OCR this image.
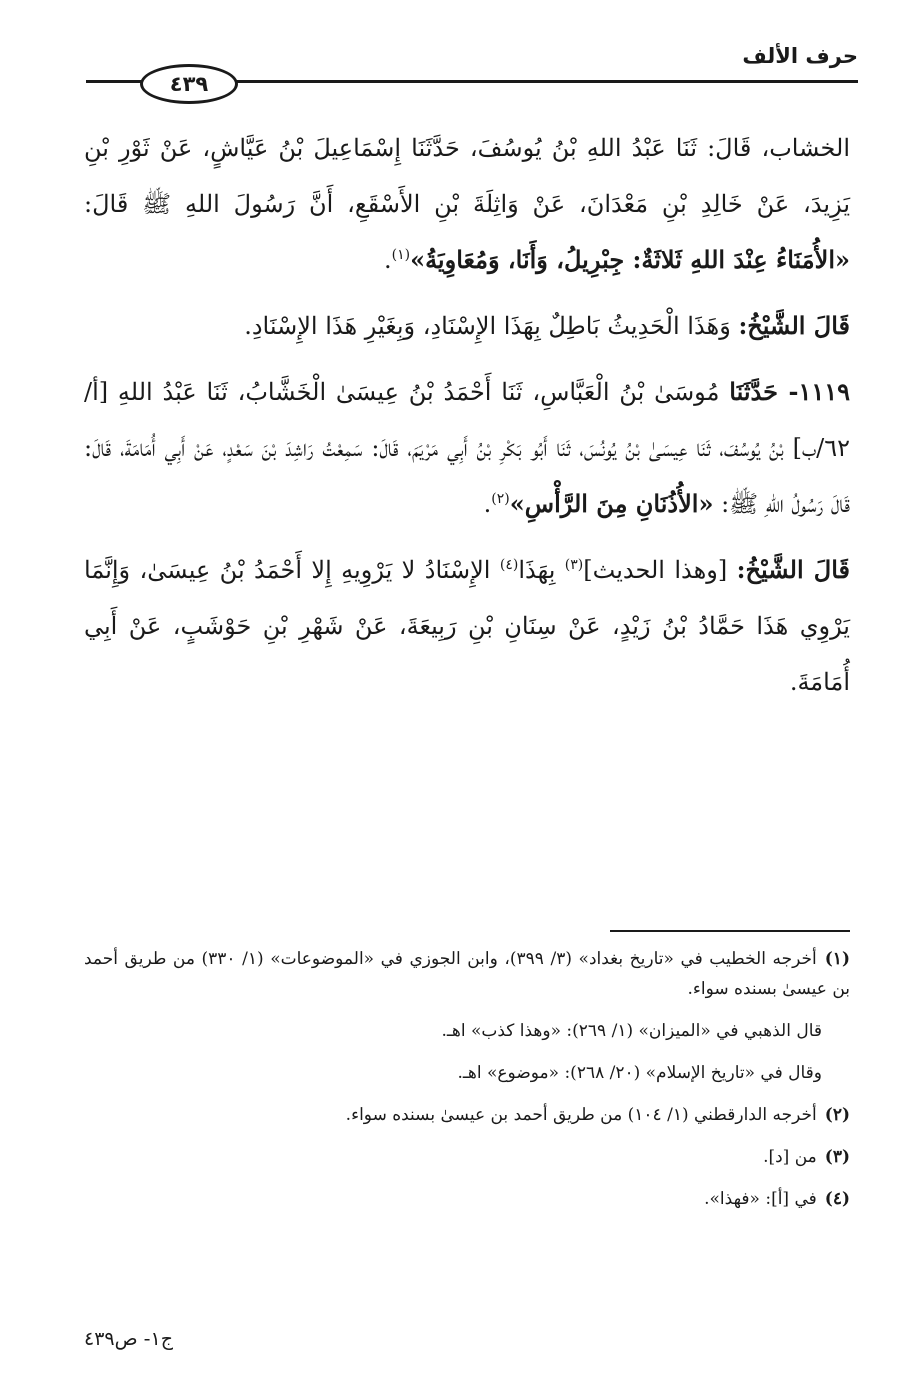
حرف الألف
٤٣٩

الخشاب، قَالَ: ثَنَا عَبْدُ اللهِ بْنُ يُوسُفَ، حَدَّثَنَا إِسْمَاعِيلَ بْنُ عَيَّاشٍ، عَنْ ثَوْرِ بْنِ يَزِيدَ، عَنْ خَالِدِ بْنِ مَعْدَانَ، عَنْ وَاثِلَةَ بْنِ الأَسْقَعِ، أَنَّ رَسُولَ اللهِ ﷺ قَالَ: «الأُمَنَاءُ عِنْدَ اللهِ ثَلاثَةٌ: جِبْرِيلُ، وَأَنَا، وَمُعَاوِيَةُ»$^{(١)}$.

قَالَ الشَّيْخُ: وَهَذَا الْحَدِيثُ بَاطِلٌ بِهَذَا الإِسْنَادِ، وَبِغَيْرِ هَذَا الإِسْنَادِ.

١١١٩- حَدَّثَنَا مُوسَىٰ بْنُ الْعَبَّاسِ، ثَنَا أَحْمَدُ بْنُ عِيسَىٰ الْخَشَّابُ، ثَنَا عَبْدُ اللهِ [أ/٦٢/ب] بْنُ يُوسُفَ، ثَنَا عِيسَىٰ بْنُ يُونُسَ، ثَنَا أَبُو بَكْرِ بْنُ أَبِي مَرْيَمَ، قَالَ: سَمِعْتُ رَاشِدَ بْنَ سَعْدٍ، عَنْ أَبِي أُمَامَةَ، قَالَ: قَالَ رَسُولُ اللهِ ﷺ: «الأُذُنَانِ مِنَ الرَّأْسِ»$^{(٢)}$.

قَالَ الشَّيْخُ: [وهذا الحديث]$^{(٣)}$ بِهَذَا$^{(٤)}$ الإِسْنَادُ لا يَرْوِيهِ إِلا أَحْمَدُ بْنُ عِيسَىٰ، وَإِنَّمَا يَرْوِي هَذَا حَمَّادُ بْنُ زَيْدٍ، عَنْ سِنَانِ بْنِ رَبِيعَةَ، عَنْ شَهْرِ بْنِ حَوْشَبٍ، عَنْ أَبِي أُمَامَةَ.

(١)أخرجه الخطيب في «تاريخ بغداد» (٣/ ٣٩٩)، وابن الجوزي في «الموضوعات» (١/ ٣٣٠) من طريق أحمد بن عيسىٰ بسنده سواء.

قال الذهبي في «الميزان» (١/ ٢٦٩): «وهذا كذب» اهـ.

وقال في «تاريخ الإسلام» (٢٠/ ٢٦٨): «موضوع» اهـ.

(٢)أخرجه الدارقطني (١/ ١٠٤) من طريق أحمد بن عيسىٰ بسنده سواء.

(٣)من [د].

(٤)في [أ]: «فهذا».

ج١- ص٤٣٩
